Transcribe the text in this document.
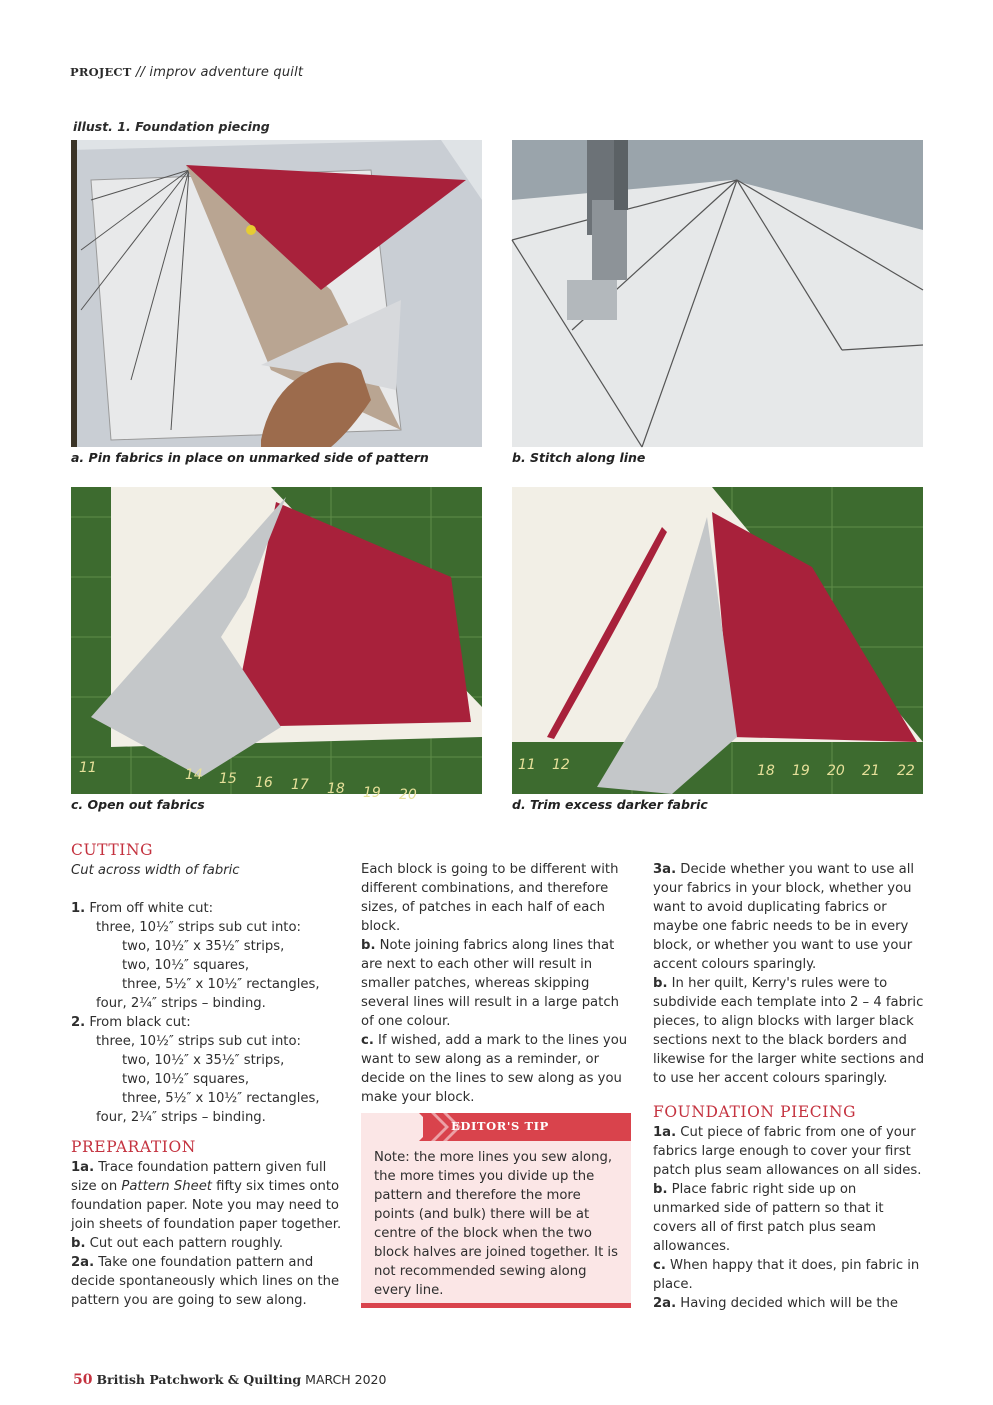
PROJECT // improv adventure quilt
illust. 1. Foundation piecing
a. Pin fabrics in place on unmarked side of pattern	b. Stitch along line
11	14 15 16 17 18 19 20
c. Open out fabrics
11 12	18 19 20 21 22
d. Trim excess darker fabric
CUTTING

Cut across width of fabric

1. From off white cut:

three, 10½″ strips sub cut into:

two, 10½″ x 35½″ strips,

two, 10½″ squares,

three, 5½″ x 10½″ rectangles,

four, 2¼″ strips – binding.

2. From black cut:

three, 10½″ strips sub cut into:

two, 10½″ x 35½″ strips,

two, 10½″ squares,

three, 5½″ x 10½″ rectangles,

four, 2¼″ strips – binding.

PREPARATION

1a. Trace foundation pattern given full size on Pattern Sheet fifty six times onto foundation paper. Note you may need to join sheets of foundation paper together.

b. Cut out each pattern roughly.

2a. Take one foundation pattern and decide spontaneously which lines on the pattern you are going to sew along.

Each block is going to be different with different combinations, and therefore sizes, of patches in each half of each block.

b. Note joining fabrics along lines that are next to each other will result in smaller patches, whereas skipping several lines will result in a large patch of one colour.

c. If wished, add a mark to the lines you want to sew along as a reminder, or decide on the lines to sew along as you make your block.

EDITOR'S TIP
Note: the more lines you sew along, the more times you divide up the pattern and therefore the more points (and bulk) there will be at centre of the block when the two block halves are joined together. It is not recommended sewing along every line.

3a. Decide whether you want to use all your fabrics in your block, whether you want to avoid duplicating fabrics or maybe one fabric needs to be in every block, or whether you want to use your accent colours sparingly.

b. In her quilt, Kerry's rules were to subdivide each template into 2 – 4 fabric pieces, to align blocks with larger black sections next to the black borders and likewise for the larger white sections and to use her accent colours sparingly.

FOUNDATION PIECING

1a. Cut piece of fabric from one of your fabrics large enough to cover your first patch plus seam allowances on all sides.

b. Place fabric right side up on unmarked side of pattern so that it covers all of first patch plus seam allowances.

c. When happy that it does, pin fabric in place.

2a. Having decided which will be the

50 British Patchwork & Quilting MARCH 2020
